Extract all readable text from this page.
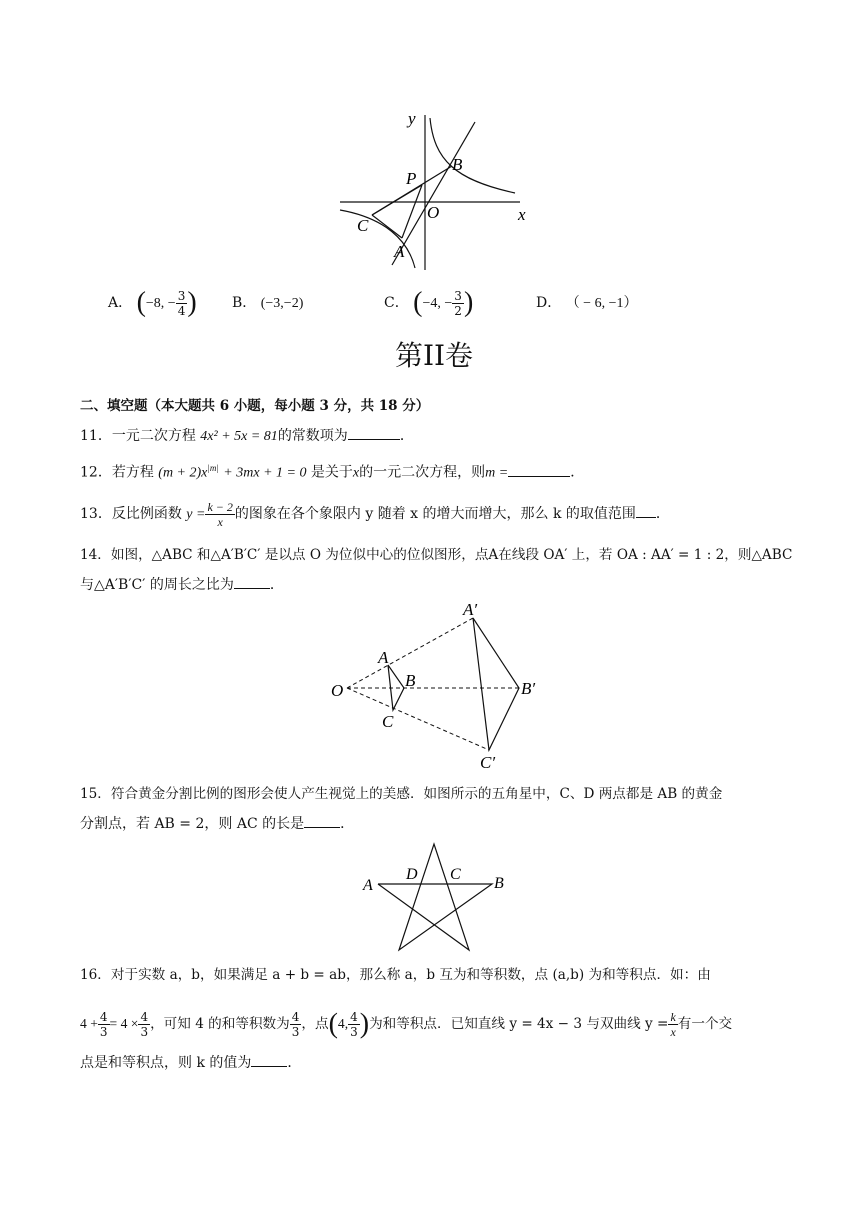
y
x
O
P
B
C
A
A． (−8, − $\frac{3}{4}$ )	B． (−3,−2)	C． (−4, − $\frac{3}{2}$ )	D． （ − 6, −1）
第II卷
二、填空题（本大题共 6 小题，每小题 3 分，共 18 分）
11．一元二次方程 4x² + 5x = 81的常数项为	．
12．若方程 $(m + 2)x^{|m|} + 3mx + 1 = 0$ 是关于x的一元二次方程，则m =	．
13．反比例函数 $y = \frac{k - 2}{x}$ 的图象在各个象限内 y 随着 x 的增大而增大，那么 k 的取值范围 ．
14．如图，△ABC 和△A′B′C′ 是以点 O 为位似中心的位似图形，点A在线段 OA′ 上，若 OA : AA′ = 1 : 2，则△ABC
与△A′B′C′ 的周长之比为	．
A′
A
B	B′
O
C
C′
15．符合黄金分割比例的图形会使人产生视觉上的美感．如图所示的五角星中，C、D 两点都是 AB 的黄金
分割点，若 AB = 2，则 AC 的长是	．
A
D C
B
16．对于实数 a，b，如果满足 a + b = ab，那么称 a，b 互为和等积数，点 (a,b) 为和等积点．如：由
$4 + \frac{4}{3} = 4 \times \frac{4}{3}$ ，可知 4 的和等积数为 $\frac{4}{3}$ ，点(4, $\frac{4}{3}$ )为和等积点．已知直线 y = 4x − 3 与双曲线 $y = \frac{k}{x}$ 有一个交
点是和等积点，则 k 的值为	．
